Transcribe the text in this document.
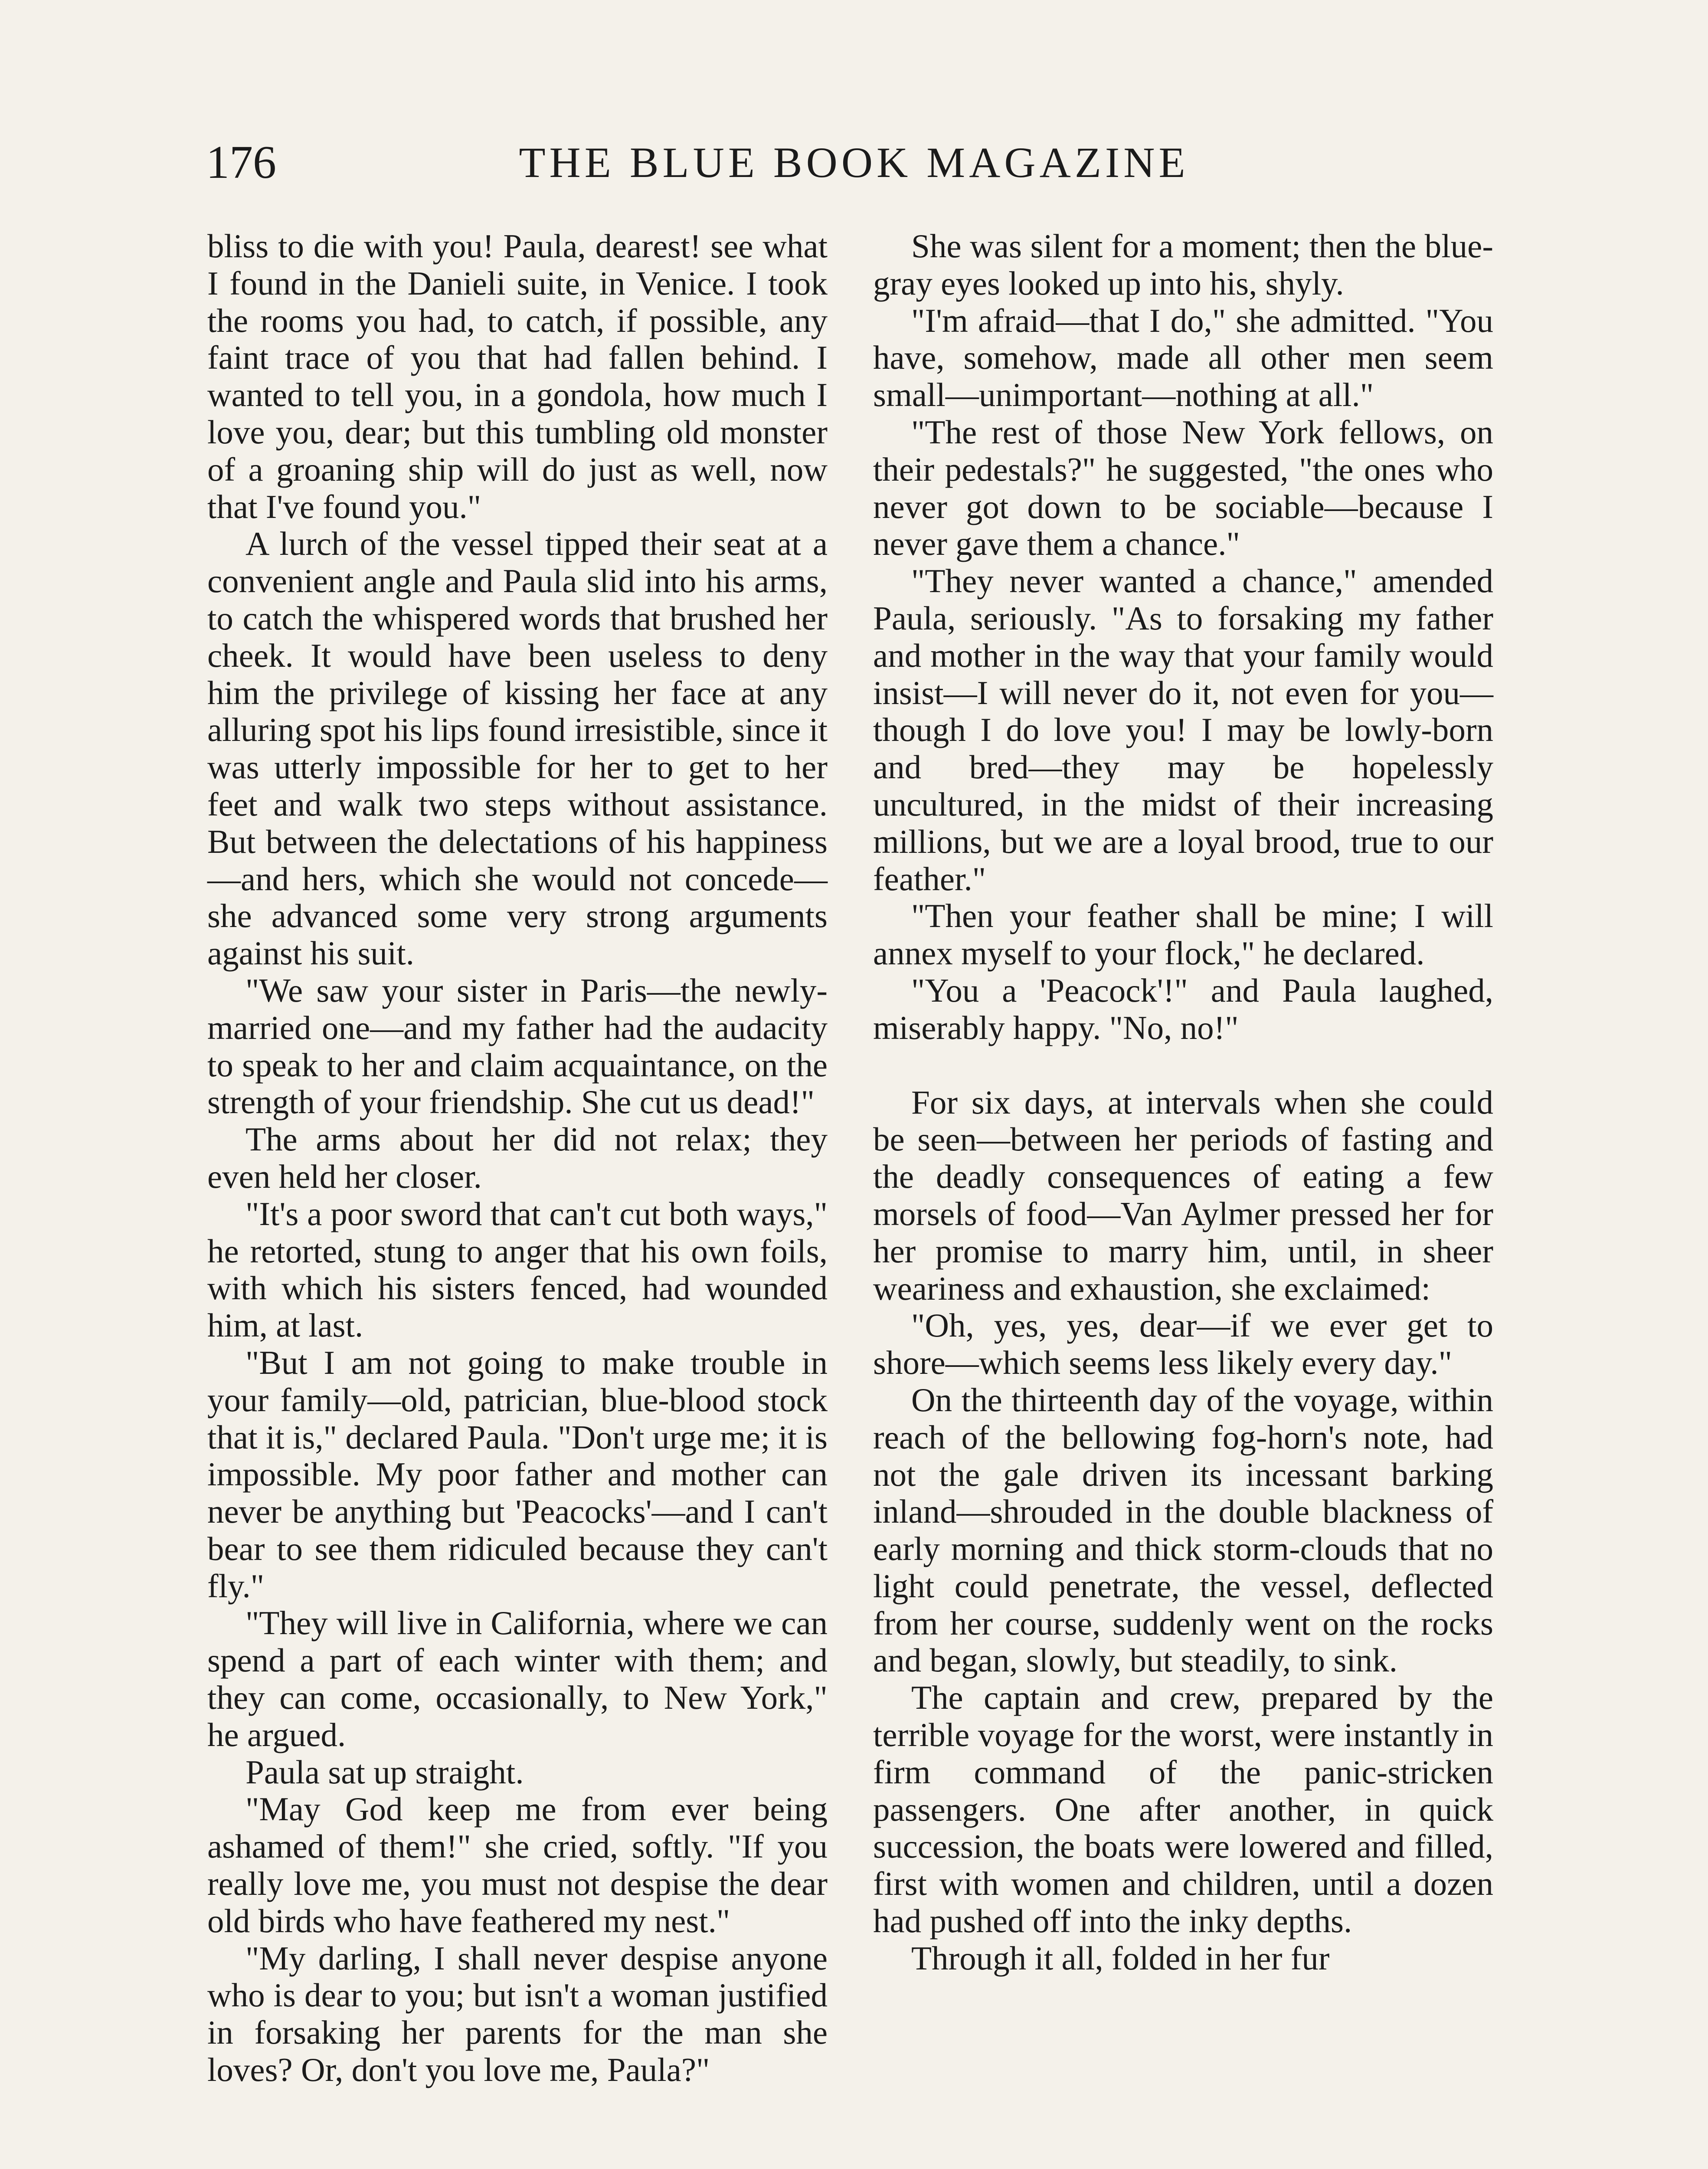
176	THE BLUE BOOK MAGAZINE

bliss to die with you! Paula, dearest! see what I found in the Danieli suite, in Venice. I took the rooms you had, to catch, if possible, any faint trace of you that had fallen behind. I wanted to tell you, in a gondola, how much I love you, dear; but this tumbling old monster of a groaning ship will do just as well, now that I've found you."

A lurch of the vessel tipped their seat at a convenient angle and Paula slid into his arms, to catch the whispered words that brushed her cheek. It would have been useless to deny him the privilege of kissing her face at any alluring spot his lips found irresistible, since it was utterly impossible for her to get to her feet and walk two steps without assistance. But between the delectations of his happiness—and hers, which she would not concede—she advanced some very strong arguments against his suit.

"We saw your sister in Paris—the newly-married one—and my father had the audacity to speak to her and claim acquaintance, on the strength of your friendship. She cut us dead!"

The arms about her did not relax; they even held her closer.

"It's a poor sword that can't cut both ways," he retorted, stung to anger that his own foils, with which his sisters fenced, had wounded him, at last.

"But I am not going to make trouble in your family—old, patrician, blue-blood stock that it is," declared Paula. "Don't urge me; it is impossible. My poor father and mother can never be anything but 'Peacocks'—and I can't bear to see them ridiculed because they can't fly."

"They will live in California, where we can spend a part of each winter with them; and they can come, occasionally, to New York," he argued.

Paula sat up straight.

"May God keep me from ever being ashamed of them!" she cried, softly. "If you really love me, you must not despise the dear old birds who have feathered my nest."

"My darling, I shall never despise anyone who is dear to you; but isn't a woman justified in forsaking her parents for the man she loves? Or, don't you love me, Paula?"

She was silent for a moment; then the blue-gray eyes looked up into his, shyly.

"I'm afraid—that I do," she admitted. "You have, somehow, made all other men seem small—unimportant—nothing at all."

"The rest of those New York fellows, on their pedestals?" he suggested, "the ones who never got down to be sociable—because I never gave them a chance."

"They never wanted a chance," amended Paula, seriously. "As to forsaking my father and mother in the way that your family would insist—I will never do it, not even for you—though I do love you! I may be lowly-born and bred—they may be hopelessly uncultured, in the midst of their increasing millions, but we are a loyal brood, true to our feather."

"Then your feather shall be mine; I will annex myself to your flock," he declared.

"You a 'Peacock'!" and Paula laughed, miserably happy. "No, no!"

For six days, at intervals when she could be seen—between her periods of fasting and the deadly consequences of eating a few morsels of food—Van Aylmer pressed her for her promise to marry him, until, in sheer weariness and exhaustion, she exclaimed:

"Oh, yes, yes, dear—if we ever get to shore—which seems less likely every day."

On the thirteenth day of the voyage, within reach of the bellowing fog-horn's note, had not the gale driven its incessant barking inland—shrouded in the double blackness of early morning and thick storm-clouds that no light could penetrate, the vessel, deflected from her course, suddenly went on the rocks and began, slowly, but steadily, to sink.

The captain and crew, prepared by the terrible voyage for the worst, were instantly in firm command of the panic-stricken passengers. One after another, in quick succession, the boats were lowered and filled, first with women and children, until a dozen had pushed off into the inky depths.

Through it all, folded in her fur
